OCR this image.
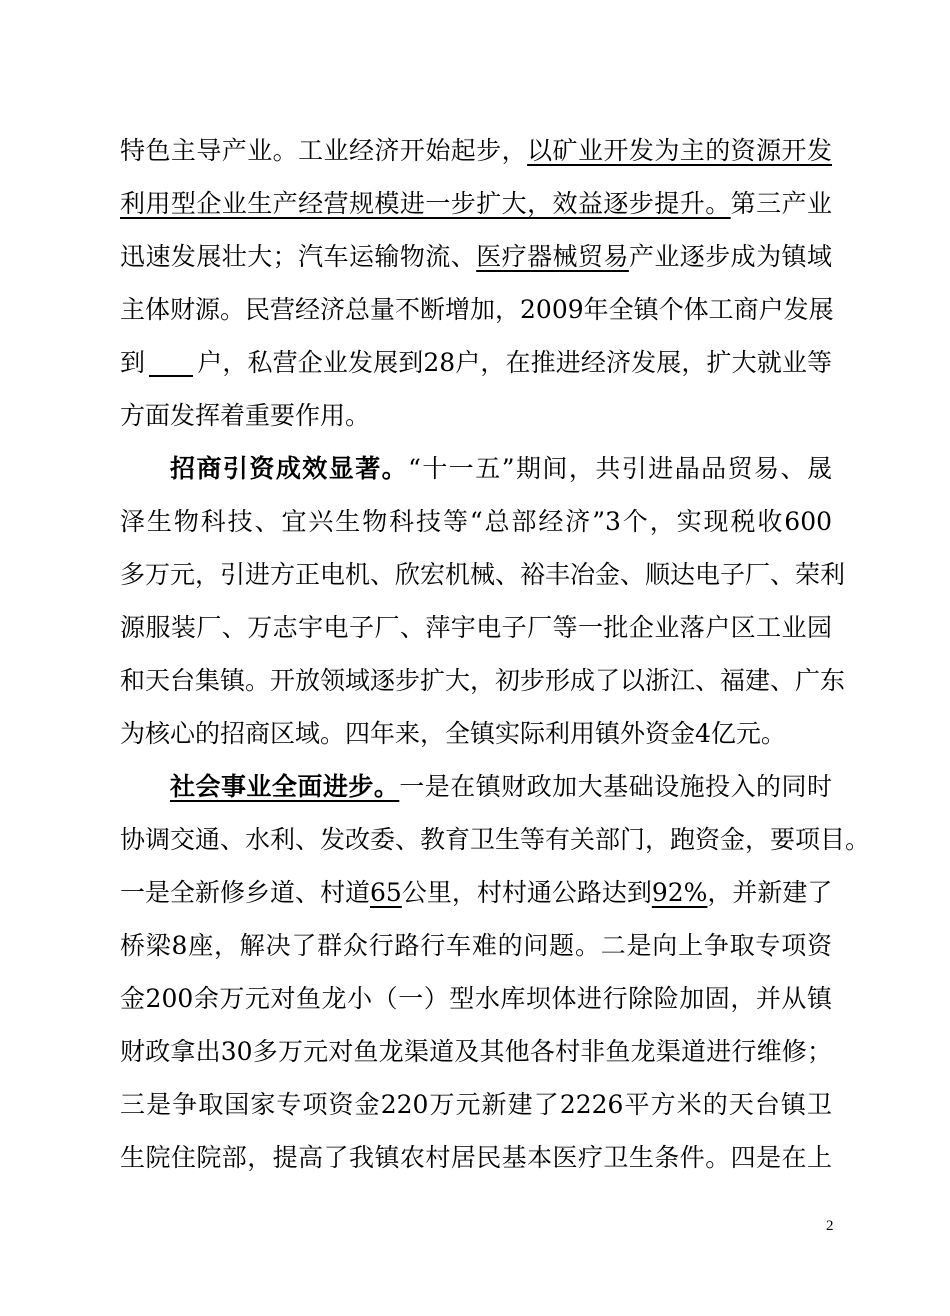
特色主导产业。工业经济开始起步，以矿业开发为主的资源开发
利用型企业生产经营规模进一步扩大，效益逐步提升。第三产业
迅速发展壮大；汽车运输物流、医疗器械贸易产业逐步成为镇域
主体财源。民营经济总量不断增加，2009年全镇个体工商户发展
到 户，私营企业发展到28户，在推进经济发展，扩大就业等
方面发挥着重要作用。
招商引资成效显著。“十一五”期间，共引进晶品贸易、晟
泽生物科技、宜兴生物科技等“总部经济”3个，实现税收600
多万元，引进方正电机、欣宏机械、裕丰冶金、顺达电子厂、荣利
源服装厂、万志宇电子厂、萍宇电子厂等一批企业落户区工业园
和天台集镇。开放领域逐步扩大，初步形成了以浙江、福建、广东
为核心的招商区域。四年来，全镇实际利用镇外资金4亿元。
社会事业全面进步。一是在镇财政加大基础设施投入的同时
协调交通、水利、发改委、教育卫生等有关部门，跑资金，要项目。
一是全新修乡道、村道65公里，村村通公路达到92%，并新建了
桥梁8座，解决了群众行路行车难的问题。二是向上争取专项资
金200余万元对鱼龙小（一）型水库坝体进行除险加固，并从镇
财政拿出30多万元对鱼龙渠道及其他各村非鱼龙渠道进行维修；
三是争取国家专项资金220万元新建了2226平方米的天台镇卫
生院住院部，提高了我镇农村居民基本医疗卫生条件。四是在上
2
